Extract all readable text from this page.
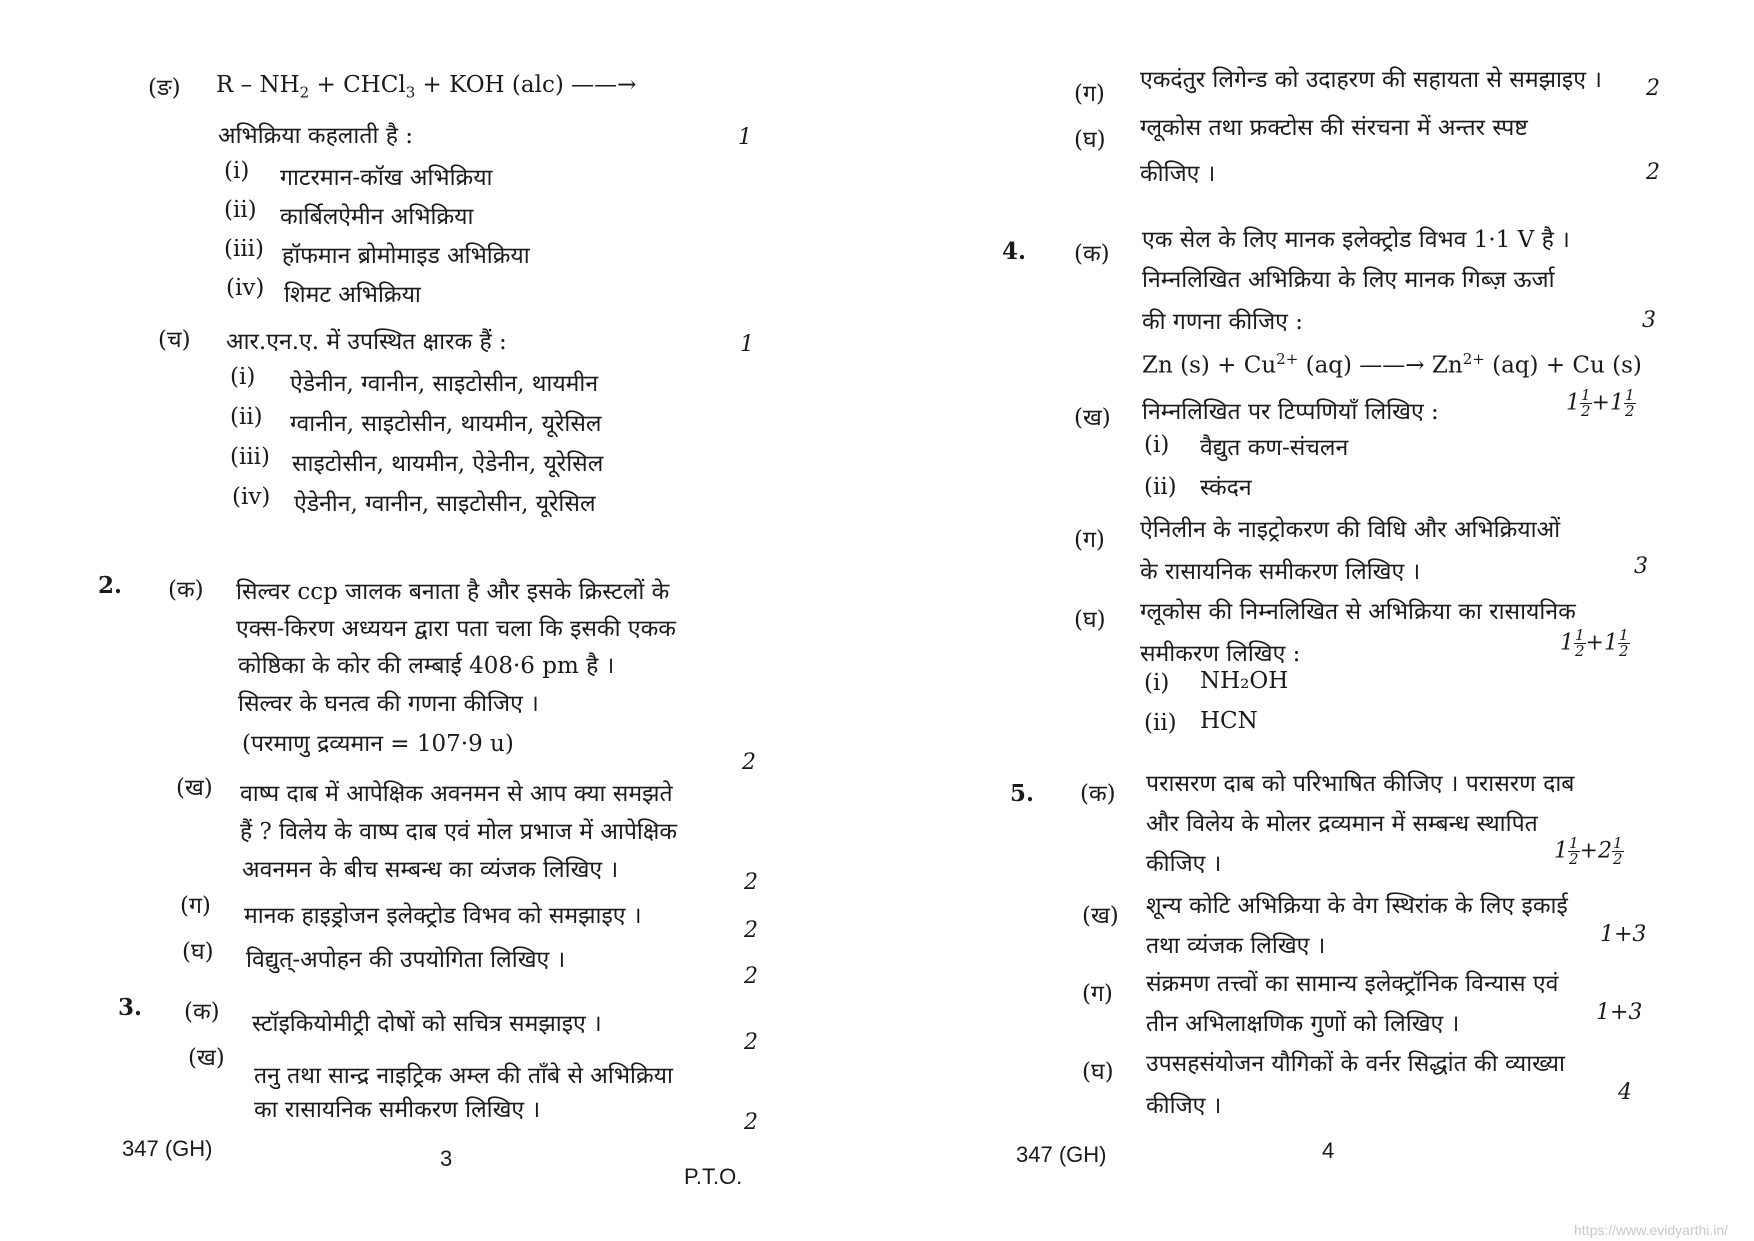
(ङ) R – $NH_2$ + CHCl$_3$ + KOH (alc) ——→
अभिक्रिया कहलाती है :	1
(i) गाटरमान-कॉख अभिक्रिया
(ii) कार्बिलऐमीन अभिक्रिया
(iii) हॉफमान ब्रोमोमाइड अभिक्रिया
(iv) शिमट अभिक्रिया
(च) आर.एन.ए. में उपस्थित क्षारक हैं :	1
(i) ऐडेनीन, ग्वानीन, साइटोसीन, थायमीन
(ii) ग्वानीन, साइटोसीन, थायमीन, यूरेसिल
(iii) साइटोसीन, थायमीन, ऐडेनीन, यूरेसिल
(iv) ऐडेनीन, ग्वानीन, साइटोसीन, यूरेसिल
2. (क) सिल्वर ccp जालक बनाता है और इसके क्रिस्टलों के
एक्स-किरण अध्ययन द्वारा पता चला कि इसकी एकक
कोष्ठिका के कोर की लम्बाई 408·6 pm है ।
सिल्वर के घनत्व की गणना कीजिए ।
(परमाणु द्रव्यमान = 107·9 u)
2
(ख) वाष्प दाब में आपेक्षिक अवनमन से आप क्या समझते
हैं ? विलेय के वाष्प दाब एवं मोल प्रभाज में आपेक्षिक
अवनमन के बीच सम्बन्ध का व्यंजक लिखिए ।	2
(ग) मानक हाइड्रोजन इलेक्ट्रोड विभव को समझाइए ।
2
(घ) विद्युत्-अपोहन की उपयोगिता लिखिए ।
2
3. (क) स्टॉइकियोमीट्री दोषों को सचित्र समझाइए ।
2
(ख)
तनु तथा सान्द्र नाइट्रिक अम्ल की ताँबे से अभिक्रिया
का रासायनिक समीकरण लिखिए ।	2
347 (GH)	3
P.T.O.
(ग)
एकदंतुर लिगेन्ड को उदाहरण की सहायता से समझाइए । 2
(घ) ग्लूकोस तथा फ्रक्टोस की संरचना में अन्तर स्पष्ट
कीजिए ।	2
4. (क)
एक सेल के लिए मानक इलेक्ट्रोड विभव 1·1 V है ।
निम्नलिखित अभिक्रिया के लिए मानक गिब्ज़ ऊर्जा
की गणना कीजिए :	3
Zn $(s) + Cu^{2+}$ (aq) ——→ $Zn^{2+}$ (aq) + Cu (s)
(ख) निम्नलिखित पर टिप्पणियाँ लिखिए :	$1 \frac{1}{2} +1 \frac{1}{2}$
(i) वैद्युत कण-संचलन
(ii) स्कंदन
(ग) ऐनिलीन के नाइट्रोकरण की विधि और अभिक्रियाओं
के रासायनिक समीकरण लिखिए ।	3
(घ) ग्लूकोस की निम्नलिखित से अभिक्रिया का रासायनिक
समीकरण लिखिए :	$1 \frac{1}{2} +1 \frac{1}{2}$
(i) NH₂OH
(ii) HCN
5. (क) परासरण दाब को परिभाषित कीजिए । परासरण दाब
और विलेय के मोलर द्रव्यमान में सम्बन्ध स्थापित
कीजिए ।	$1 \frac{1}{2} +2 \frac{1}{2}$
(ख) शून्य कोटि अभिक्रिया के वेग स्थिरांक के लिए इकाई
तथा व्यंजक लिखिए ।	1+3
(ग) संक्रमण तत्त्वों का सामान्य इलेक्ट्रॉनिक विन्यास एवं
तीन अभिलाक्षणिक गुणों को लिखिए ।	1+3
(घ) उपसहसंयोजन यौगिकों के वर्नर सिद्धांत की व्याख्या
कीजिए ।
4
347 (GH)	4
https://www.evidyarthi.in/
